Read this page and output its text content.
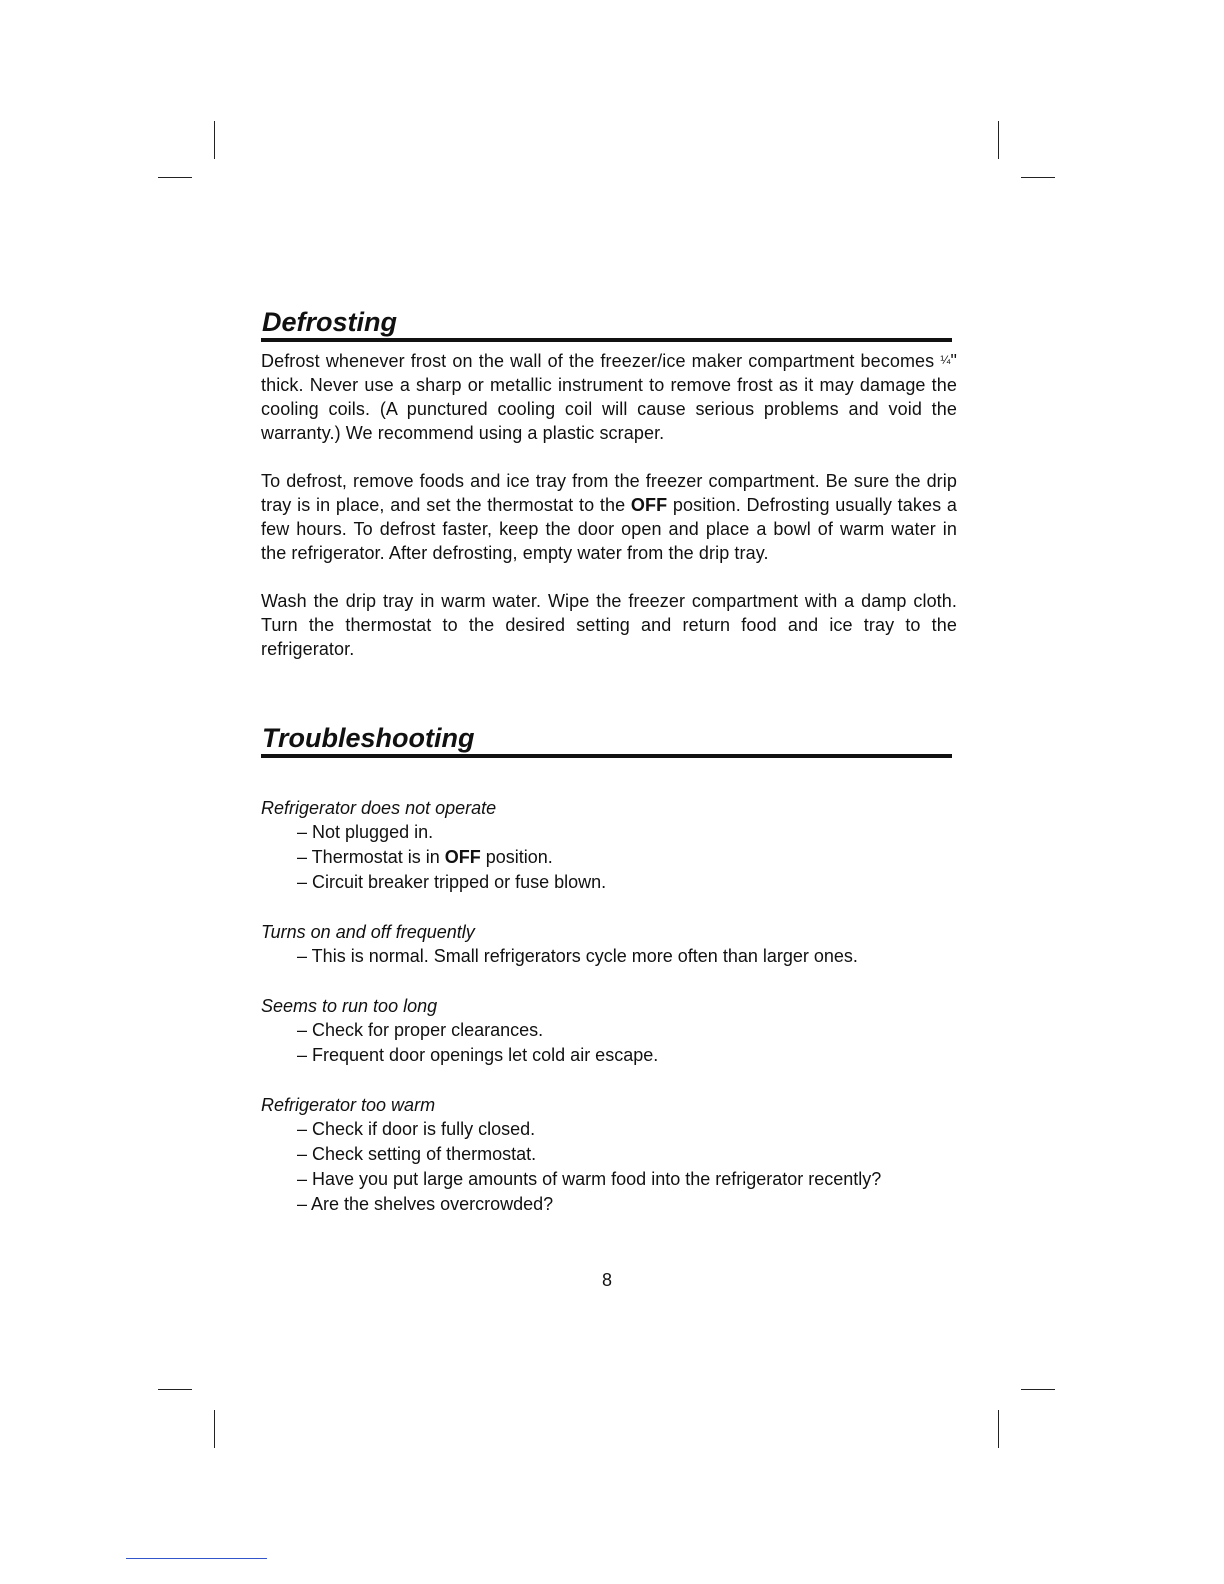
Defrosting

Defrost whenever frost on the wall of the freezer/ice maker compartment becomes ¼" thick. Never use a sharp or metallic instrument to remove frost as it may damage the cooling coils. (A punctured cooling coil will cause serious problems and void the warranty.) We recommend using a plastic scraper.

To defrost, remove foods and ice tray from the freezer compartment. Be sure the drip tray is in place, and set the thermostat to the OFF position. Defrosting usually takes a few hours. To defrost faster, keep the door open and place a bowl of warm water in the refrigerator. After defrosting, empty water from the drip tray.

Wash the drip tray in warm water. Wipe the freezer compartment with a damp cloth. Turn the thermostat to the desired setting and return food and ice tray to the refrigerator.

Troubleshooting

Refrigerator does not operate

– Not plugged in.

– Thermostat is in OFF position.

– Circuit breaker tripped or fuse blown.

Turns on and off frequently

– This is normal. Small refrigerators cycle more often than larger ones.

Seems to run too long

– Check for proper clearances.

– Frequent door openings let cold air escape.

Refrigerator too warm

– Check if door is fully closed.

– Check setting of thermostat.

– Have you put large amounts of warm food into the refrigerator recently?

– Are the shelves overcrowded?

8
